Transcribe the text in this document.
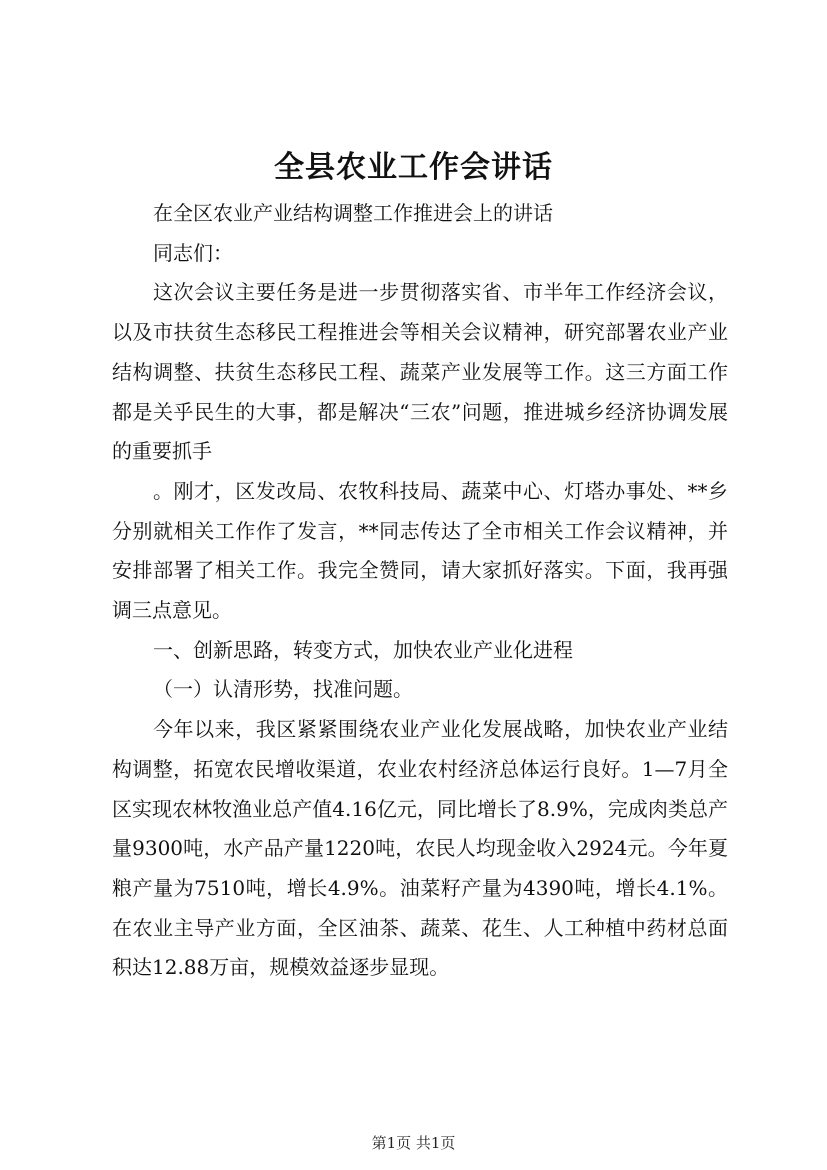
全县农业工作会讲话

在全区农业产业结构调整工作推进会上的讲话

同志们：

这次会议主要任务是进一步贯彻落实省、市半年工作经济会议，以及市扶贫生态移民工程推进会等相关会议精神，研究部署农业产业结构调整、扶贫生态移民工程、蔬菜产业发展等工作。这三方面工作都是关乎民生的大事，都是解决“三农”问题，推进城乡经济协调发展的重要抓手

。刚才，区发改局、农牧科技局、蔬菜中心、灯塔办事处、**乡分别就相关工作作了发言，**同志传达了全市相关工作会议精神，并安排部署了相关工作。我完全赞同，请大家抓好落实。下面，我再强调三点意见。

一、创新思路，转变方式，加快农业产业化进程

（一）认清形势，找准问题。

今年以来，我区紧紧围绕农业产业化发展战略，加快农业产业结构调整，拓宽农民增收渠道，农业农村经济总体运行良好。1—7月全区实现农林牧渔业总产值4.16亿元，同比增长了8.9%，完成肉类总产量9300吨，水产品产量1220吨，农民人均现金收入2924元。今年夏粮产量为7510吨，增长4.9%。油菜籽产量为4390吨，增长4.1%。在农业主导产业方面，全区油茶、蔬菜、花生、人工种植中药材总面积达12.88万亩，规模效益逐步显现。

第1页 共1页
